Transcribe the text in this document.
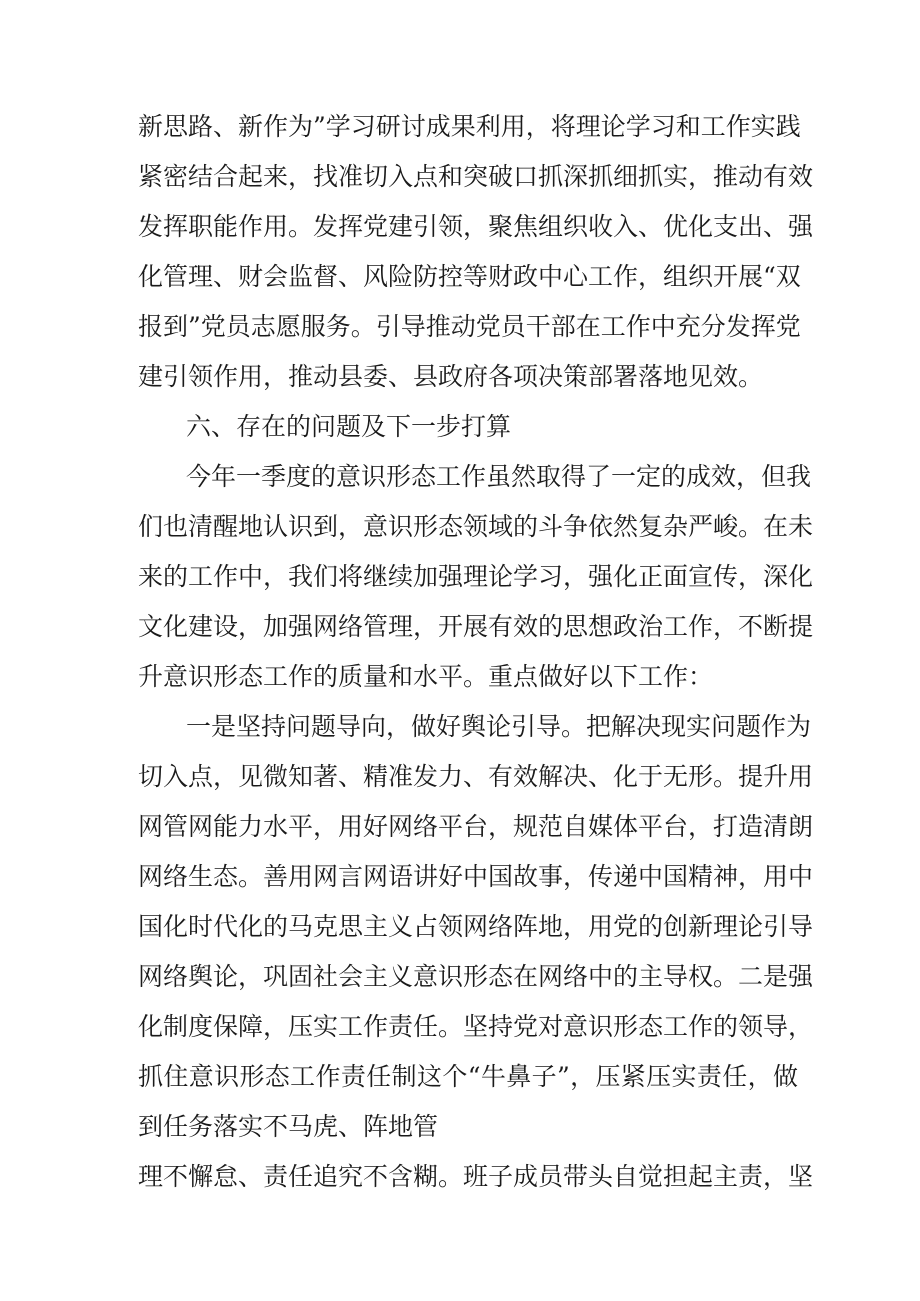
新思路、新作为”学习研讨成果利用，将理论学习和工作实践
紧密结合起来，找准切入点和突破口抓深抓细抓实，推动有效
发挥职能作用。发挥党建引领，聚焦组织收入、优化支出、强
化管理、财会监督、风险防控等财政中心工作，组织开展“双
报到”党员志愿服务。引导推动党员干部在工作中充分发挥党
建引领作用，推动县委、县政府各项决策部署落地见效。
六、存在的问题及下一步打算
今年一季度的意识形态工作虽然取得了一定的成效，但我
们也清醒地认识到，意识形态领域的斗争依然复杂严峻。在未
来的工作中，我们将继续加强理论学习，强化正面宣传，深化
文化建设，加强网络管理，开展有效的思想政治工作，不断提
升意识形态工作的质量和水平。重点做好以下工作：
一是坚持问题导向，做好舆论引导。把解决现实问题作为
切入点，见微知著、精准发力、有效解决、化于无形。提升用
网管网能力水平，用好网络平台，规范自媒体平台，打造清朗
网络生态。善用网言网语讲好中国故事，传递中国精神，用中
国化时代化的马克思主义占领网络阵地，用党的创新理论引导
网络舆论，巩固社会主义意识形态在网络中的主导权。二是强
化制度保障，压实工作责任。坚持党对意识形态工作的领导，
抓住意识形态工作责任制这个“牛鼻子”，压紧压实责任，做
到任务落实不马虎、阵地管
理不懈怠、责任追究不含糊。班子成员带头自觉担起主责，坚
